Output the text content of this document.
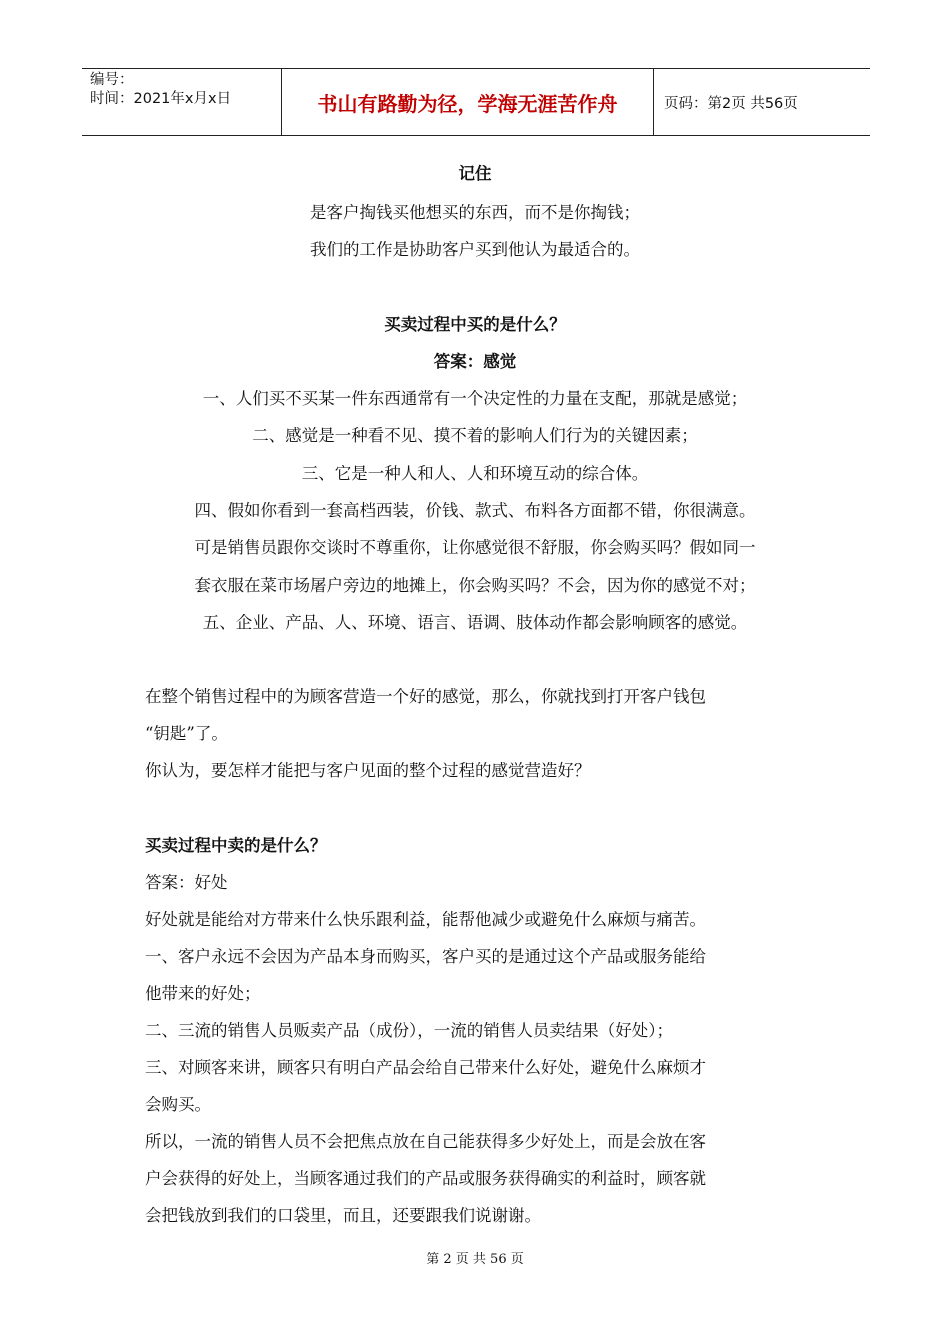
编号：
时间：2021年x月x日	书山有路勤为径，学海无涯苦作舟	页码：第2页 共56页
记住
是客户掏钱买他想买的东西，而不是你掏钱；
我们的工作是协助客户买到他认为最适合的。
买卖过程中买的是什么？
答案：感觉
一、人们买不买某一件东西通常有一个决定性的力量在支配，那就是感觉；
二、感觉是一种看不见、摸不着的影响人们行为的关键因素；
三、它是一种人和人、人和环境互动的综合体。
四、假如你看到一套高档西装，价钱、款式、布料各方面都不错，你很满意。
可是销售员跟你交谈时不尊重你，让你感觉很不舒服，你会购买吗？假如同一
套衣服在菜市场屠户旁边的地摊上，你会购买吗？不会，因为你的感觉不对；
五、企业、产品、人、环境、语言、语调、肢体动作都会影响顾客的感觉。
在整个销售过程中的为顾客营造一个好的感觉，那么，你就找到打开客户钱包
“钥匙”了。
你认为，要怎样才能把与客户见面的整个过程的感觉营造好？
买卖过程中卖的是什么？
答案：好处
好处就是能给对方带来什么快乐跟利益，能帮他减少或避免什么麻烦与痛苦。
一、客户永远不会因为产品本身而购买，客户买的是通过这个产品或服务能给
他带来的好处；
二、三流的销售人员贩卖产品（成份），一流的销售人员卖结果（好处）；
三、对顾客来讲，顾客只有明白产品会给自己带来什么好处，避免什么麻烦才
会购买。
所以，一流的销售人员不会把焦点放在自己能获得多少好处上，而是会放在客
户会获得的好处上，当顾客通过我们的产品或服务获得确实的利益时，顾客就
会把钱放到我们的口袋里，而且，还要跟我们说谢谢。
第 2 页 共 56 页
